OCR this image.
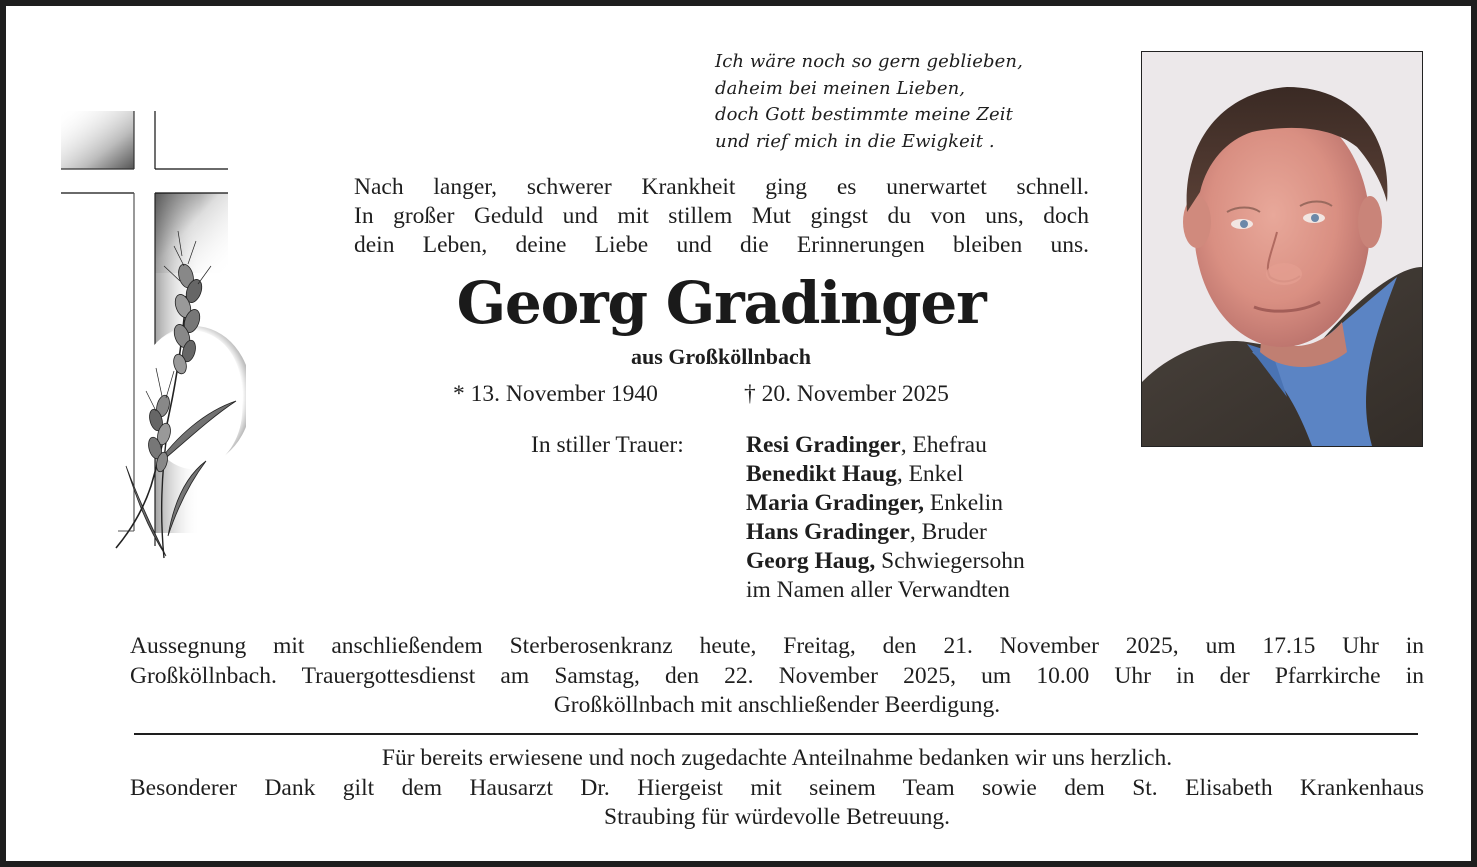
Ich wäre noch so gern geblieben,
daheim bei meinen Lieben,
doch Gott bestimmte meine Zeit
und rief mich in die Ewigkeit .
Nach langer, schwerer Krankheit ging es unerwartet schnell.
In großer Geduld und mit stillem Mut gingst du von uns, doch
dein Leben, deine Liebe und die Erinnerungen bleiben uns.
Georg Gradinger
aus Großköllnbach
* 13. November 1940	† 20. November 2025
In stiller Trauer:	Resi Gradinger, Ehefrau
Benedikt Haug, Enkel
Maria Gradinger, Enkelin
Hans Gradinger, Bruder
Georg Haug, Schwiegersohn
im Namen aller Verwandten
Aussegnung mit anschließendem Sterberosenkranz heute, Freitag, den 21. November 2025, um 17.15 Uhr in
Großköllnbach. Trauergottesdienst am Samstag, den 22. November 2025, um 10.00 Uhr in der Pfarrkirche in
Großköllnbach mit anschließender Beerdigung.
Für bereits erwiesene und noch zugedachte Anteilnahme bedanken wir uns herzlich.
Besonderer Dank gilt dem Hausarzt Dr. Hiergeist mit seinem Team sowie dem St. Elisabeth Krankenhaus
Straubing für würdevolle Betreuung.
